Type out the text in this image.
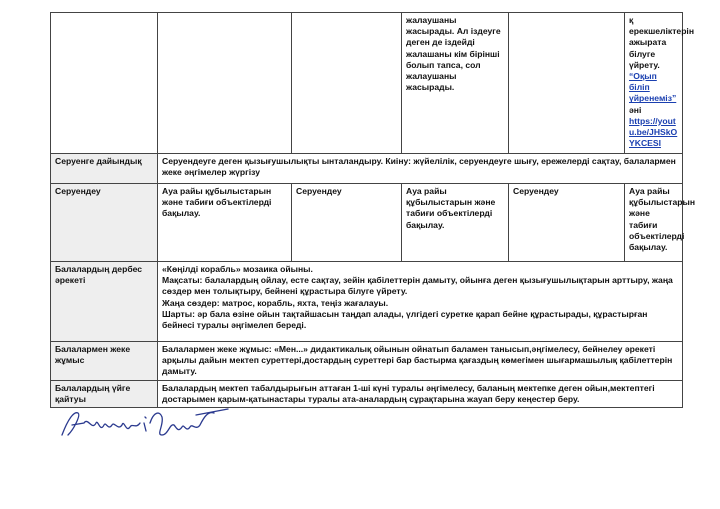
			жалаушаны жасырады. Ал іздеуге деген де іздейді жалашаны кім бірінші болып тапса, сол жалаушаны жасырады.		қ ерекшеліктерін ажырата білуге үйрету.
“Оқып біліп үйренеміз” әні
https://youtu.be/JHSkOYKCESI
Серуенге дайындық	Серуендеуге деген қызығушылықты ынталандыру. Киіну: жүйелілік, серуендеуге шығу, ережелерді сақтау, балалармен жеке әңгімелер жүргізу				
Серуендеу	Ауа райы құбылыстарын және табиғи объектілерді бақылау.	Серуендеу	Ауа райы құбылыстарын және табиғи объектілерді бақылау.	Серуендеу	Ауа райы құбылыстарын және табиғи объектілерді бақылау.
Балалардың дербес әрекеті	«Көңілді корабль» мозаика ойыны.
Мақсаты: балалардың ойлау, есте сақтау, зейін қабілеттерін дамыту, ойынға деген қызығушылықтарын арттыру, жаңа сөздер мен толықтыру, бейнені құрастыра білуге үйрету.
Жаңа сөздер: матрос, корабль, яхта, теңіз жағалауы.
Шарты: әр бала өзіне ойын тақтайшасын таңдап алады, үлгідегі суретке қарап бейне құрастырады, құрастырған бейнесі туралы әңгімелеп береді.				

Балалармен жеке жұмыс	Балалармен жеке жұмыс: «Мен...» дидактикалық ойынын ойнатып баламен танысып,әңгімелесу, бейнелеу әрекеті арқылы дайын мектеп суреттері,достардың суреттері бар бастырма қағаздың көмегімен шығармашылық қабілеттерін дамыту.				
Балалардың үйге қайтуы	Балалардың мектеп табалдырығын аттаған 1-ші күні туралы әңгімелесу, баланың мектепке деген ойын,мектептегі достарымен қарым-қатынастары туралы ата-аналардың сұрақтарына жауап беру кеңестер беру.				
